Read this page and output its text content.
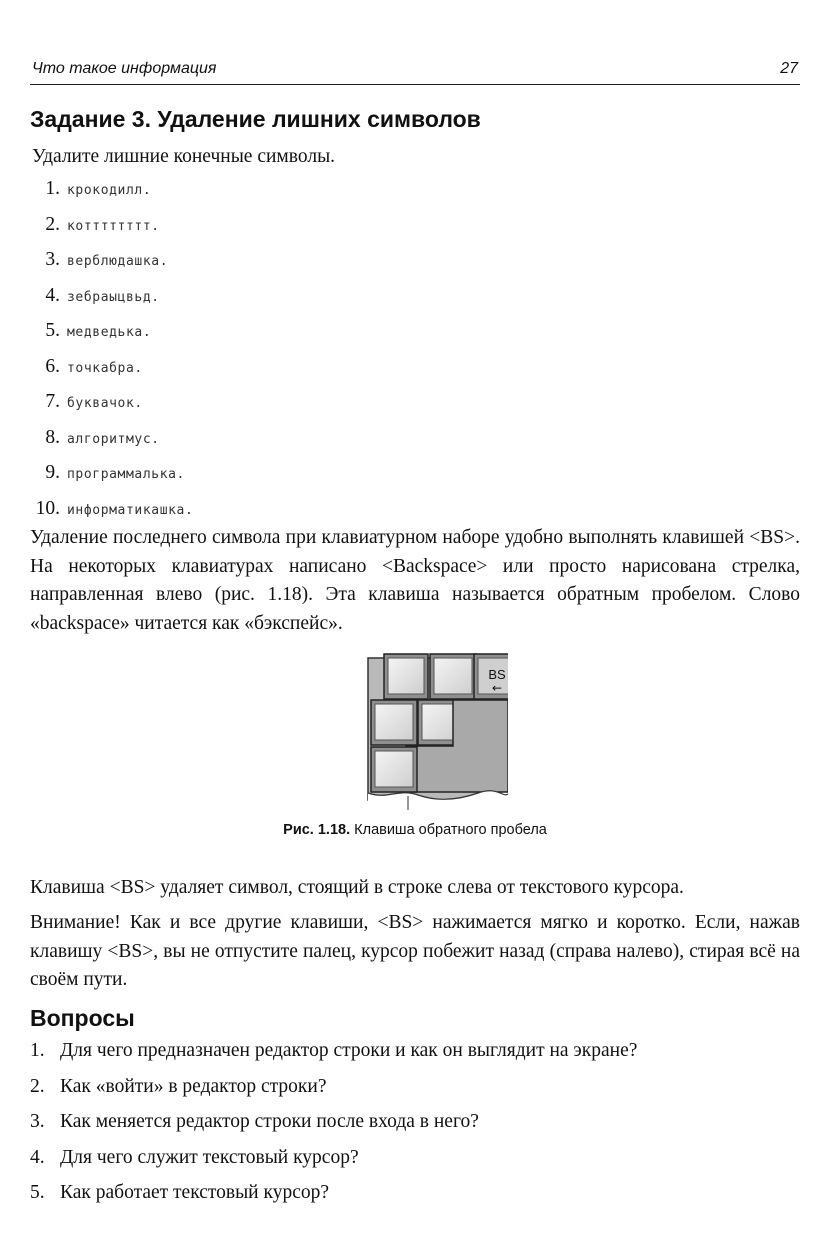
Что такое информация	27
Задание 3. Удаление лишних символов
Удалите лишние конечные символы.
1. крокодилл.
2. котттттттт.
3. верблюдашка.
4. зебраыцвьд.
5. медведька.
6. точкабра.
7. буквачок.
8. алгоритмус.
9. программалька.
10. информатикашка.

Удаление последнего символа при клавиатурном наборе удобно выполнять клавишей <BS>. На некоторых клавиатурах написано <Backspace> или просто нарисована стрелка, направленная влево (рис. 1.18). Эта клавиша называется обратным пробелом. Слово «backspace» читается как «бэкспейс».

BS
←
Рис. 1.18. Клавиша обратного пробела

Клавиша <BS> удаляет символ, стоящий в строке слева от текстового курсора.

Внимание! Как и все другие клавиши, <BS> нажимается мягко и коротко. Если, нажав клавишу <BS>, вы не отпустите палец, курсор побежит назад (справа налево), стирая всё на своём пути.

Вопросы
1. Для чего предназначен редактор строки и как он выглядит на экране?
2. Как «войти» в редактор строки?
3. Как меняется редактор строки после входа в него?
4. Для чего служит текстовый курсор?
5. Как работает текстовый курсор?
